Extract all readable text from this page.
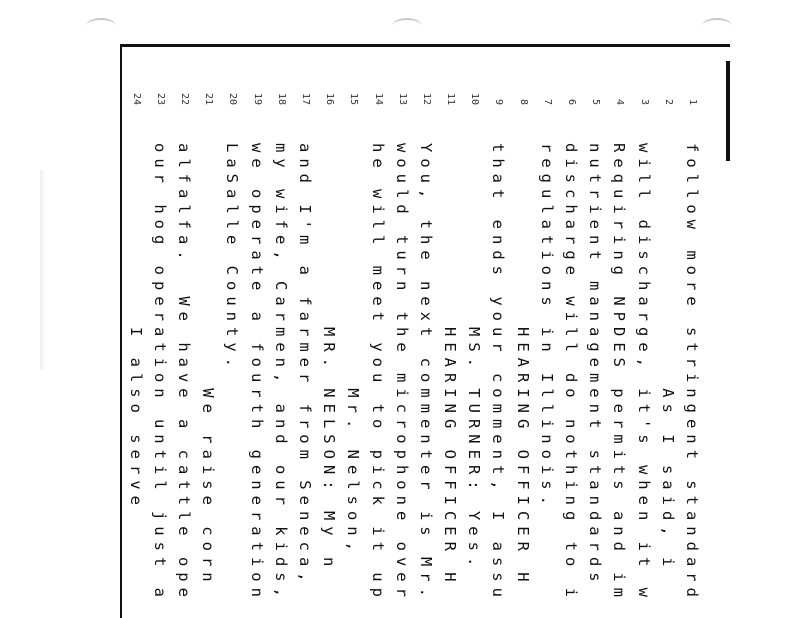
1
follow more stringent standard
2
As I said, i
3
will discharge, it's when it w
4
Requiring NPDES permits and im
5
nutrient management standards
6
discharge will do nothing to i
7
regulations in Illinois.
8
HEARING OFFICER H
9
that ends your comment, I assu
10
MS. TURNER: Yes.
11
HEARING OFFICER H
12
You, the next commenter is Mr.
13
would turn the microphone over
14
he will meet you to pick it up
15
Mr. Nelson,
16
MR. NELSON: My n
17
and I'm a farmer from Seneca,
18
my wife, Carmen, and our kids,
19
we operate a fourth generation
20
LaSalle County.
21
We raise corn
22
alfalfa.  We have a cattle ope
23
our hog operation until just a
24
I also serve
